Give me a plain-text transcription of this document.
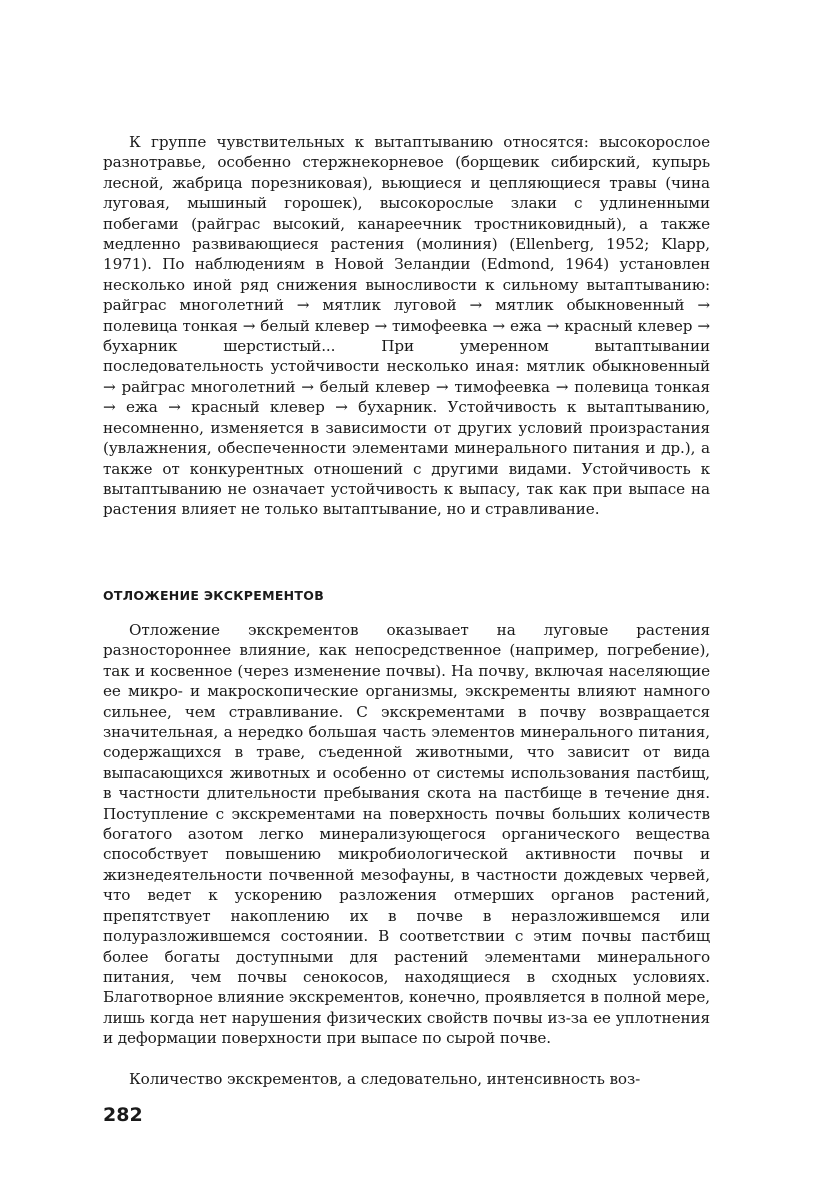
К группе чувствительных к вытаптыванию относятся: высокорослое разнотравье, особенно стержнекорневое (борщевик сибирский, купырь лесной, жабрица порезниковая), вьющиеся и цепляющиеся травы (чина луговая, мышиный горошек), высокорослые злаки с удлиненными побегами (райграс высокий, канареечник тростниковидный), а также медленно развивающиеся растения (молиния) (Ellenberg, 1952; Klapp, 1971). По наблюдениям в Новой Зеландии (Edmond, 1964) установлен несколько иной ряд снижения выносливости к сильному вытаптыванию: райграс многолетний → мятлик луговой → мятлик обыкновенный → полевица тонкая → белый клевер → тимофеевка → ежа → красный клевер → бухарник шерстистый... При умеренном вытаптывании последовательность устойчивости несколько иная: мятлик обыкновенный → райграс многолетний → белый клевер → тимофеевка → полевица тонкая → ежа → красный клевер → бухарник. Устойчивость к вытаптыванию, несомненно, изменяется в зависимости от других условий произрастания (увлажнения, обеспеченности элементами минерального питания и др.), а также от конкурентных отношений с другими видами. Устойчивость к вытаптыванию не означает устойчивость к выпасу, так как при выпасе на растения влияет не только вытаптывание, но и стравливание.

ОТЛОЖЕНИЕ ЭКСКРЕМЕНТОВ

Отложение экскрементов оказывает на луговые растения разностороннее влияние, как непосредственное (например, погребение), так и косвенное (через изменение почвы). На почву, включая населяющие ее микро- и макроскопические организмы, экскременты влияют намного сильнее, чем стравливание. С экскрементами в почву возвращается значительная, а нередко большая часть элементов минерального питания, содержащихся в траве, съеденной животными, что зависит от вида выпасающихся животных и особенно от системы использования пастбищ, в частности длительности пребывания скота на пастбище в течение дня. Поступление с экскрементами на поверхность почвы больших количеств богатого азотом легко минерализующегося органического вещества способствует повышению микробиологической активности почвы и жизнедеятельности почвенной мезофауны, в частности дождевых червей, что ведет к ускорению разложения отмерших органов растений, препятствует накоплению их в почве в неразложившемся или полуразложившемся состоянии. В соответствии с этим почвы пастбищ более богаты доступными для растений элементами минерального питания, чем почвы сенокосов, находящиеся в сходных условиях. Благотворное влияние экскрементов, конечно, проявляется в полной мере, лишь когда нет нарушения физических свойств почвы из-за ее уплотнения и деформации поверхности при выпасе по сырой почве.

Количество экскрементов, а следовательно, интенсивность воз-

282
